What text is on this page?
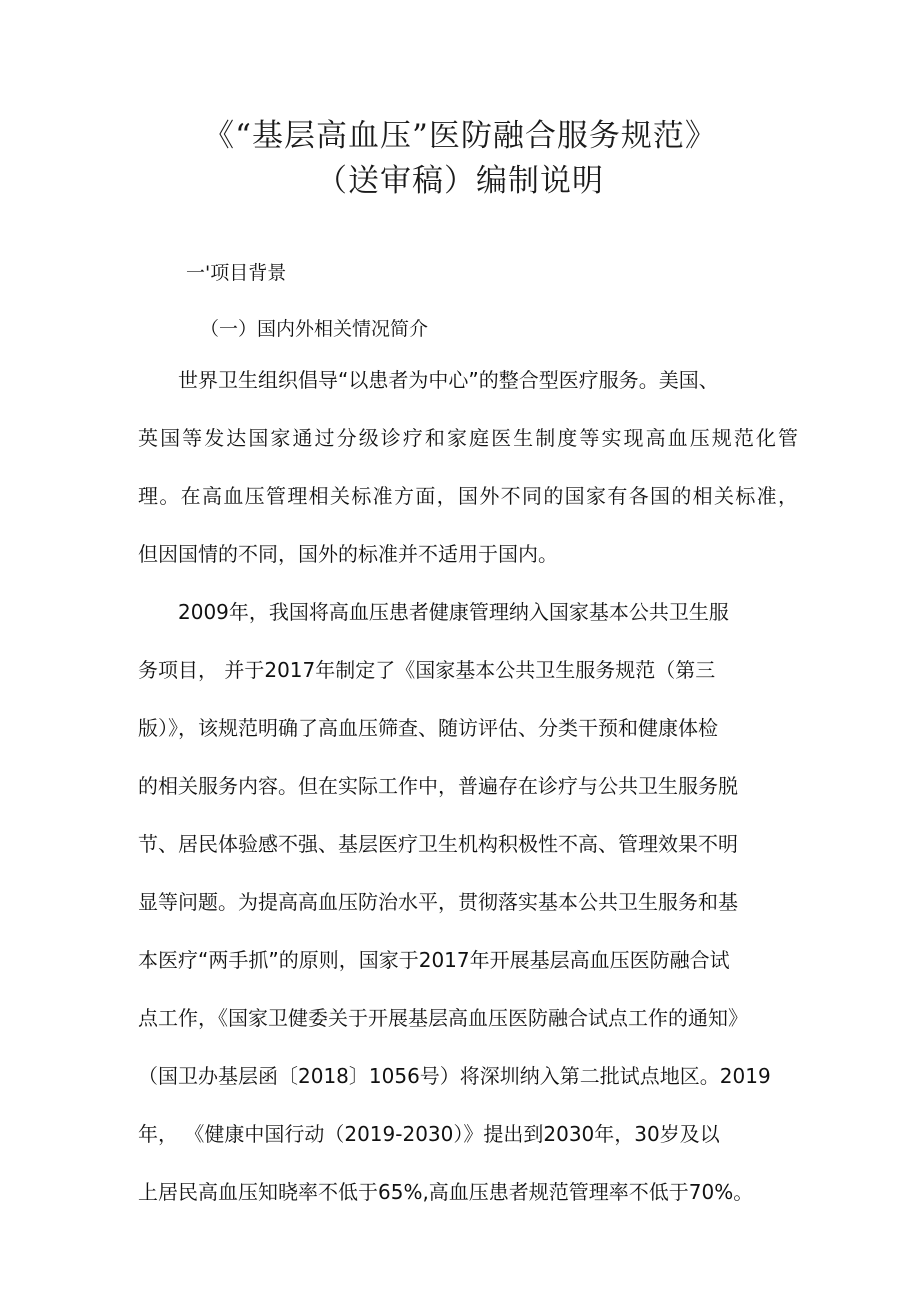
《“基层高血压”医防融合服务规范》
（送审稿）编制说明
一'项目背景
（一）国内外相关情况简介
世界卫生组织倡导“以患者为中心”的整合型医疗服务。美国、
英国等发达国家通过分级诊疗和家庭医生制度等实现高血压规范化管
理。在高血压管理相关标准方面，国外不同的国家有各国的相关标准，
但因国情的不同，国外的标准并不适用于国内。
2009年，我国将高血压患者健康管理纳入国家基本公共卫生服
务项目， 并于2017年制定了《国家基本公共卫生服务规范（第三
版）》，该规范明确了高血压筛查、随访评估、分类干预和健康体检
的相关服务内容。但在实际工作中，普遍存在诊疗与公共卫生服务脱
节、居民体验感不强、基层医疗卫生机构积极性不高、管理效果不明
显等问题。为提高高血压防治水平，贯彻落实基本公共卫生服务和基
本医疗“两手抓”的原则，国家于2017年开展基层高血压医防融合试
点工作，《国家卫健委关于开展基层高血压医防融合试点工作的通知》
（国卫办基层函〔2018〕1056号）将深圳纳入第二批试点地区。2019
年， 《健康中国行动（2019-2030）》提出到2030年，30岁及以
上居民高血压知晓率不低于65%,高血压患者规范管理率不低于70%。
